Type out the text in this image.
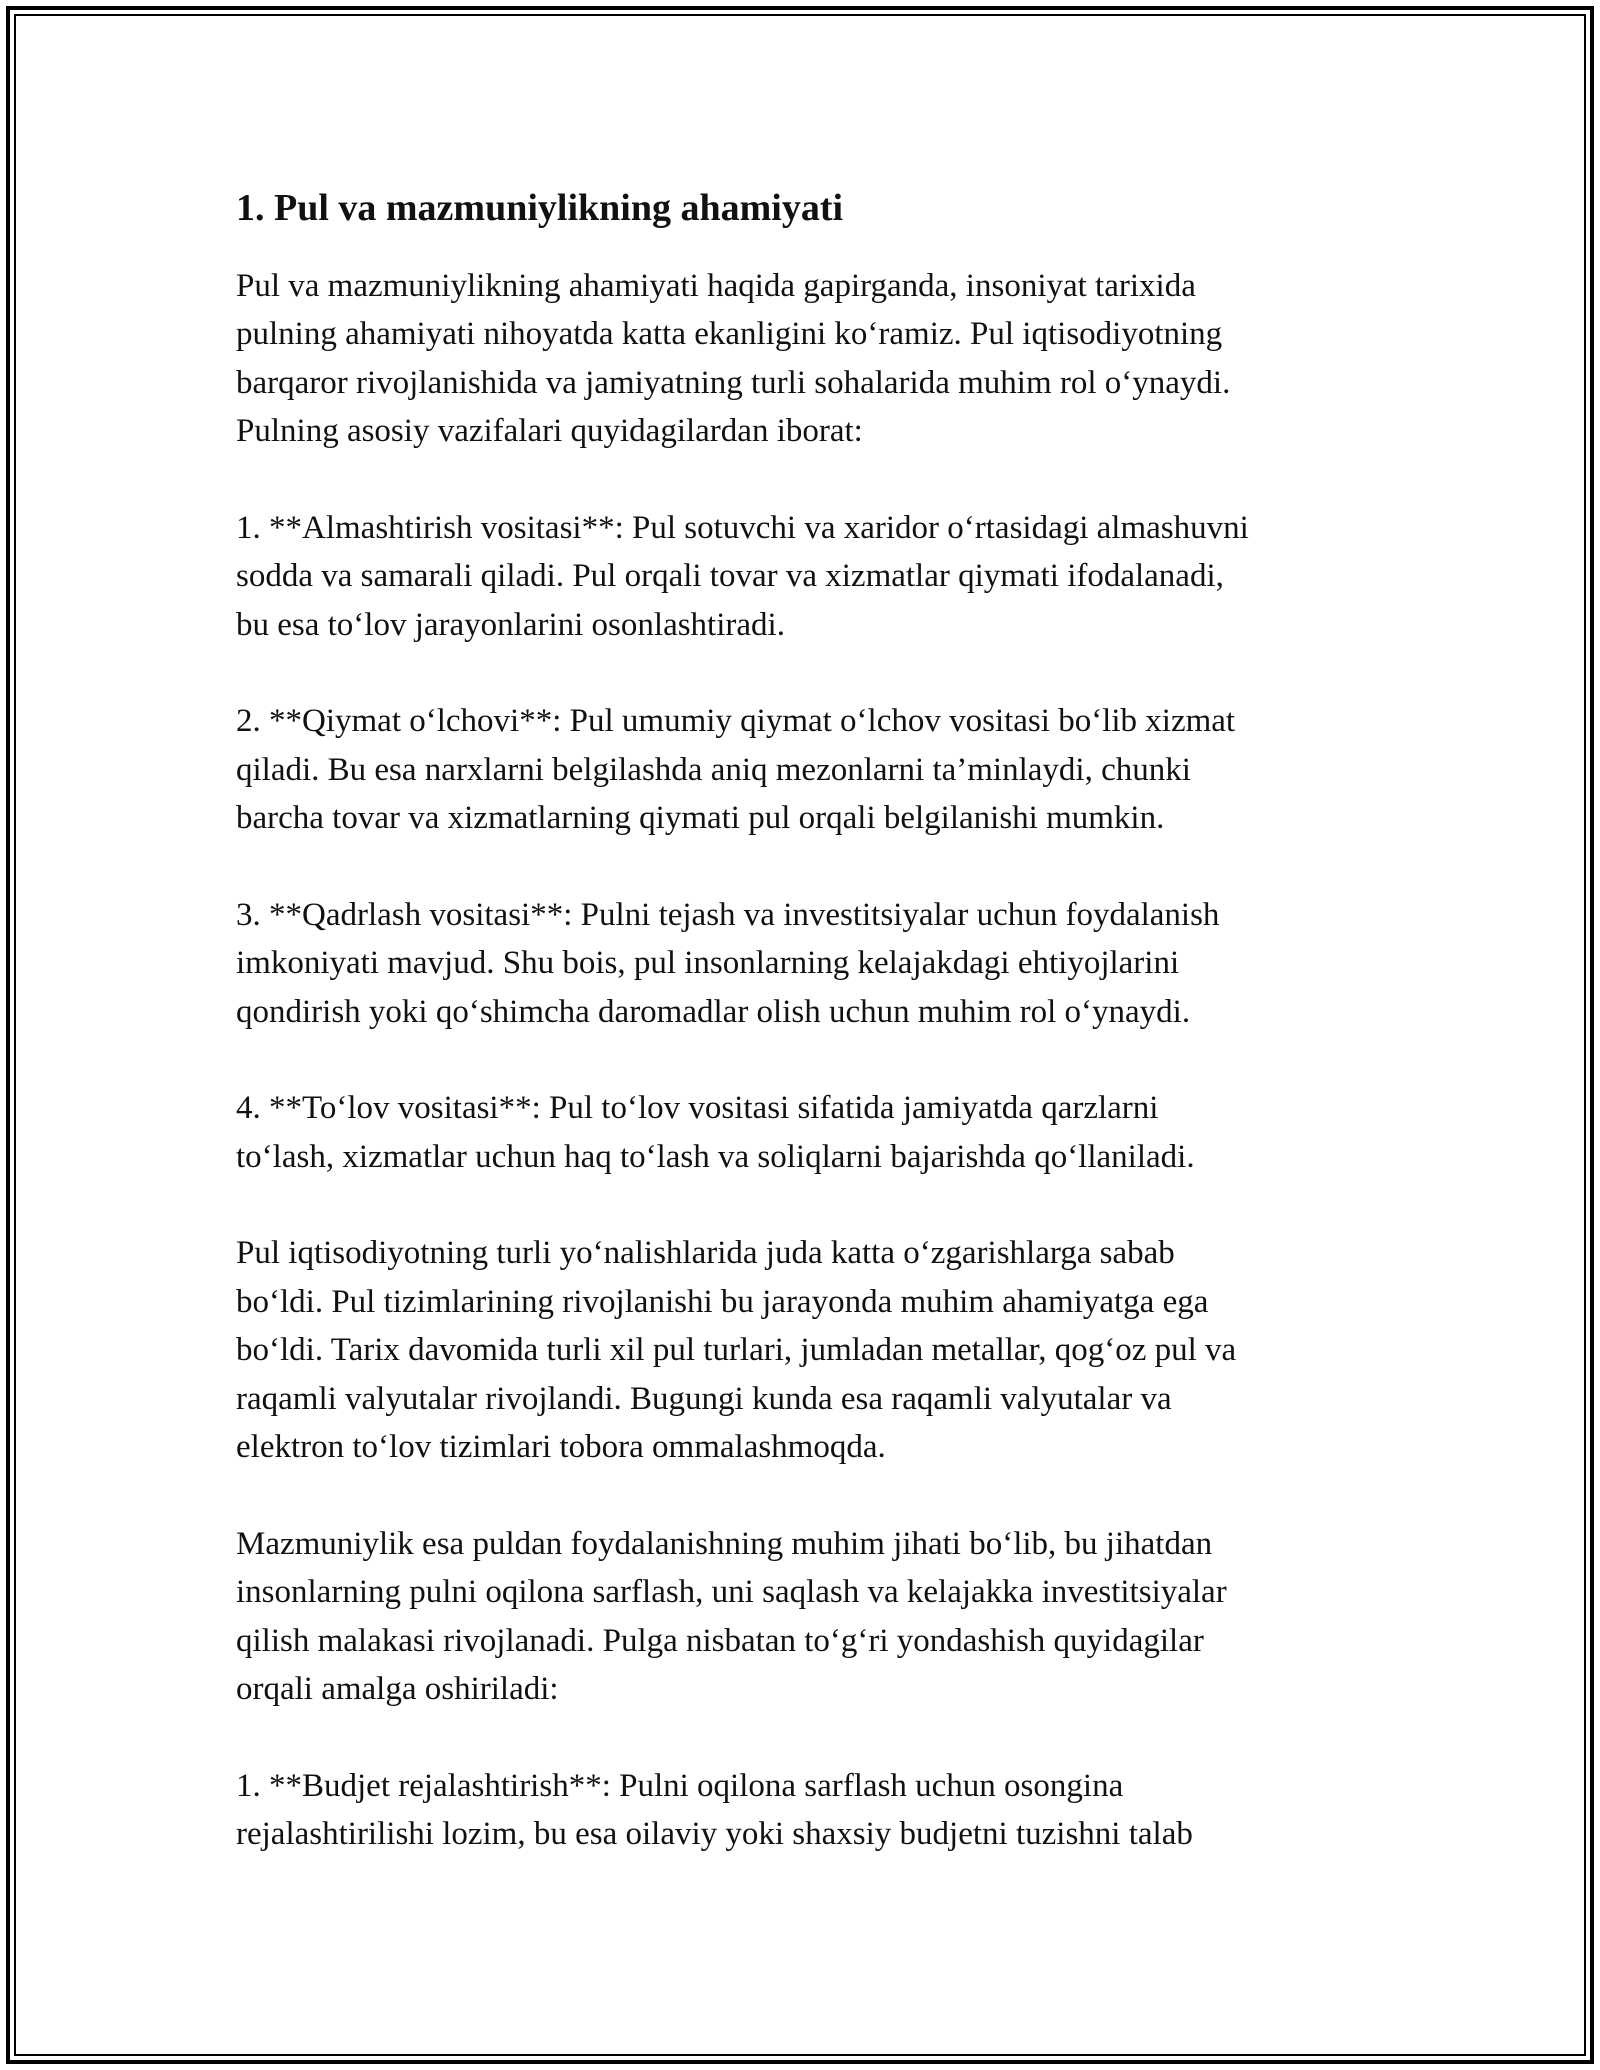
1. Pul va mazmuniylikning ahamiyati

Pul va mazmuniylikning ahamiyati haqida gapirganda, insoniyat tarixida
pulning ahamiyati nihoyatda katta ekanligini ko‘ramiz. Pul iqtisodiyotning
barqaror rivojlanishida va jamiyatning turli sohalarida muhim rol o‘ynaydi.
Pulning asosiy vazifalari quyidagilardan iborat:

1. **Almashtirish vositasi**: Pul sotuvchi va xaridor o‘rtasidagi almashuvni
sodda va samarali qiladi. Pul orqali tovar va xizmatlar qiymati ifodalanadi,
bu esa to‘lov jarayonlarini osonlashtiradi.

2. **Qiymat o‘lchovi**: Pul umumiy qiymat o‘lchov vositasi bo‘lib xizmat
qiladi. Bu esa narxlarni belgilashda aniq mezonlarni ta’minlaydi, chunki
barcha tovar va xizmatlarning qiymati pul orqali belgilanishi mumkin.

3. **Qadrlash vositasi**: Pulni tejash va investitsiyalar uchun foydalanish
imkoniyati mavjud. Shu bois, pul insonlarning kelajakdagi ehtiyojlarini
qondirish yoki qo‘shimcha daromadlar olish uchun muhim rol o‘ynaydi.

4. **To‘lov vositasi**: Pul to‘lov vositasi sifatida jamiyatda qarzlarni
to‘lash, xizmatlar uchun haq to‘lash va soliqlarni bajarishda qo‘llaniladi.

Pul iqtisodiyotning turli yo‘nalishlarida juda katta o‘zgarishlarga sabab
bo‘ldi. Pul tizimlarining rivojlanishi bu jarayonda muhim ahamiyatga ega
bo‘ldi. Tarix davomida turli xil pul turlari, jumladan metallar, qog‘oz pul va
raqamli valyutalar rivojlandi. Bugungi kunda esa raqamli valyutalar va
elektron to‘lov tizimlari tobora ommalashmoqda.

Mazmuniylik esa puldan foydalanishning muhim jihati bo‘lib, bu jihatdan
insonlarning pulni oqilona sarflash, uni saqlash va kelajakka investitsiyalar
qilish malakasi rivojlanadi. Pulga nisbatan to‘g‘ri yondashish quyidagilar
orqali amalga oshiriladi:

1. **Budjet rejalashtirish**: Pulni oqilona sarflash uchun osongina
rejalashtirilishi lozim, bu esa oilaviy yoki shaxsiy budjetni tuzishni talab
